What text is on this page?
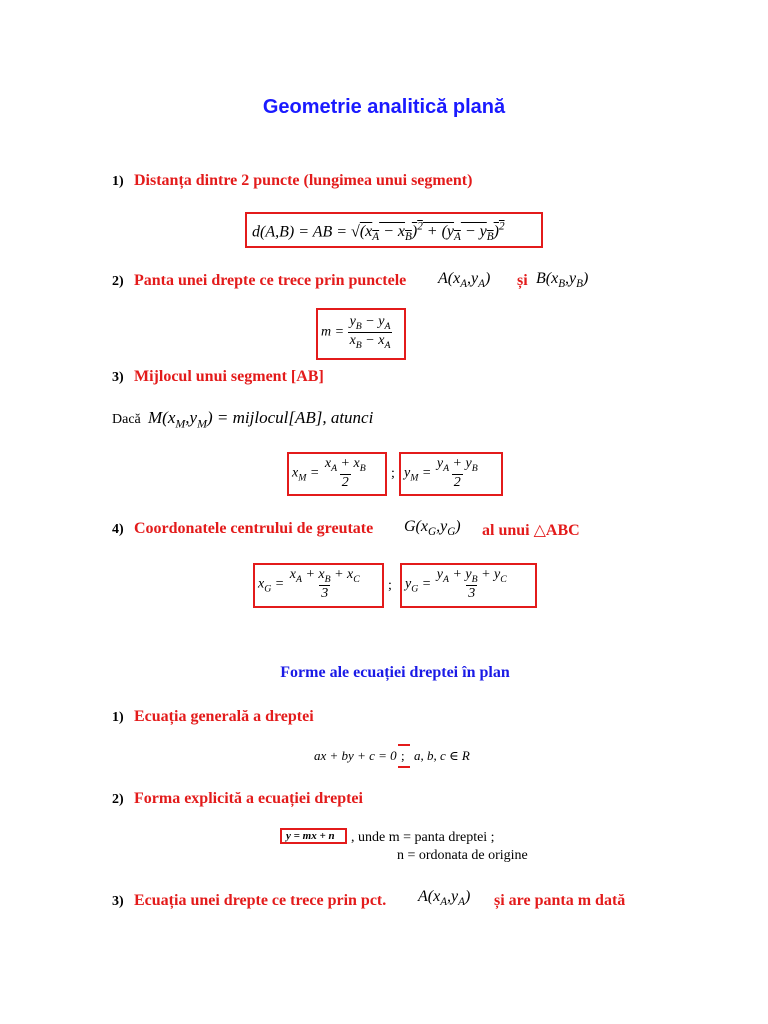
Geometrie analitică plană
1) Distanța dintre 2 puncte (lungimea unui segment)
d(A,B) = AB = $√(x_A - x_B)^2 + (y_A - y_B)^2$
2) Panta unei drepte ce trece prin punctele $A(x_A,y_A)$ și $B(x_B,y_B)$
$m = \frac{y_B - y_A}{x_B - x_A}$
3) Mijlocul unui segment [AB]
Dacă $M(x_M,y_M)$ = mijlocul[AB], atunci
$x_M = \frac{x_A + x_B}{2}$ ; $y_M = \frac{y_A + y_B}{2}$
4) Coordonatele centrului de greutate $G(x_G,y_G)$ al unui △ABC
$x_G = \frac{x_A + x_B + x_C}{3}$ ; $y_G = \frac{y_A + y_B + y_C}{3}$
Forme ale ecuației dreptei în plan
1) Ecuația generală a dreptei
ax + by + c = 0 ; a, b, c ∈ R
2) Forma explicită a ecuației dreptei
y = mx + n , unde m = panta dreptei ;
n = ordonata de origine
3) Ecuația unei drepte ce trece prin pct. $A(x_A,y_A)$ și are panta m dată
